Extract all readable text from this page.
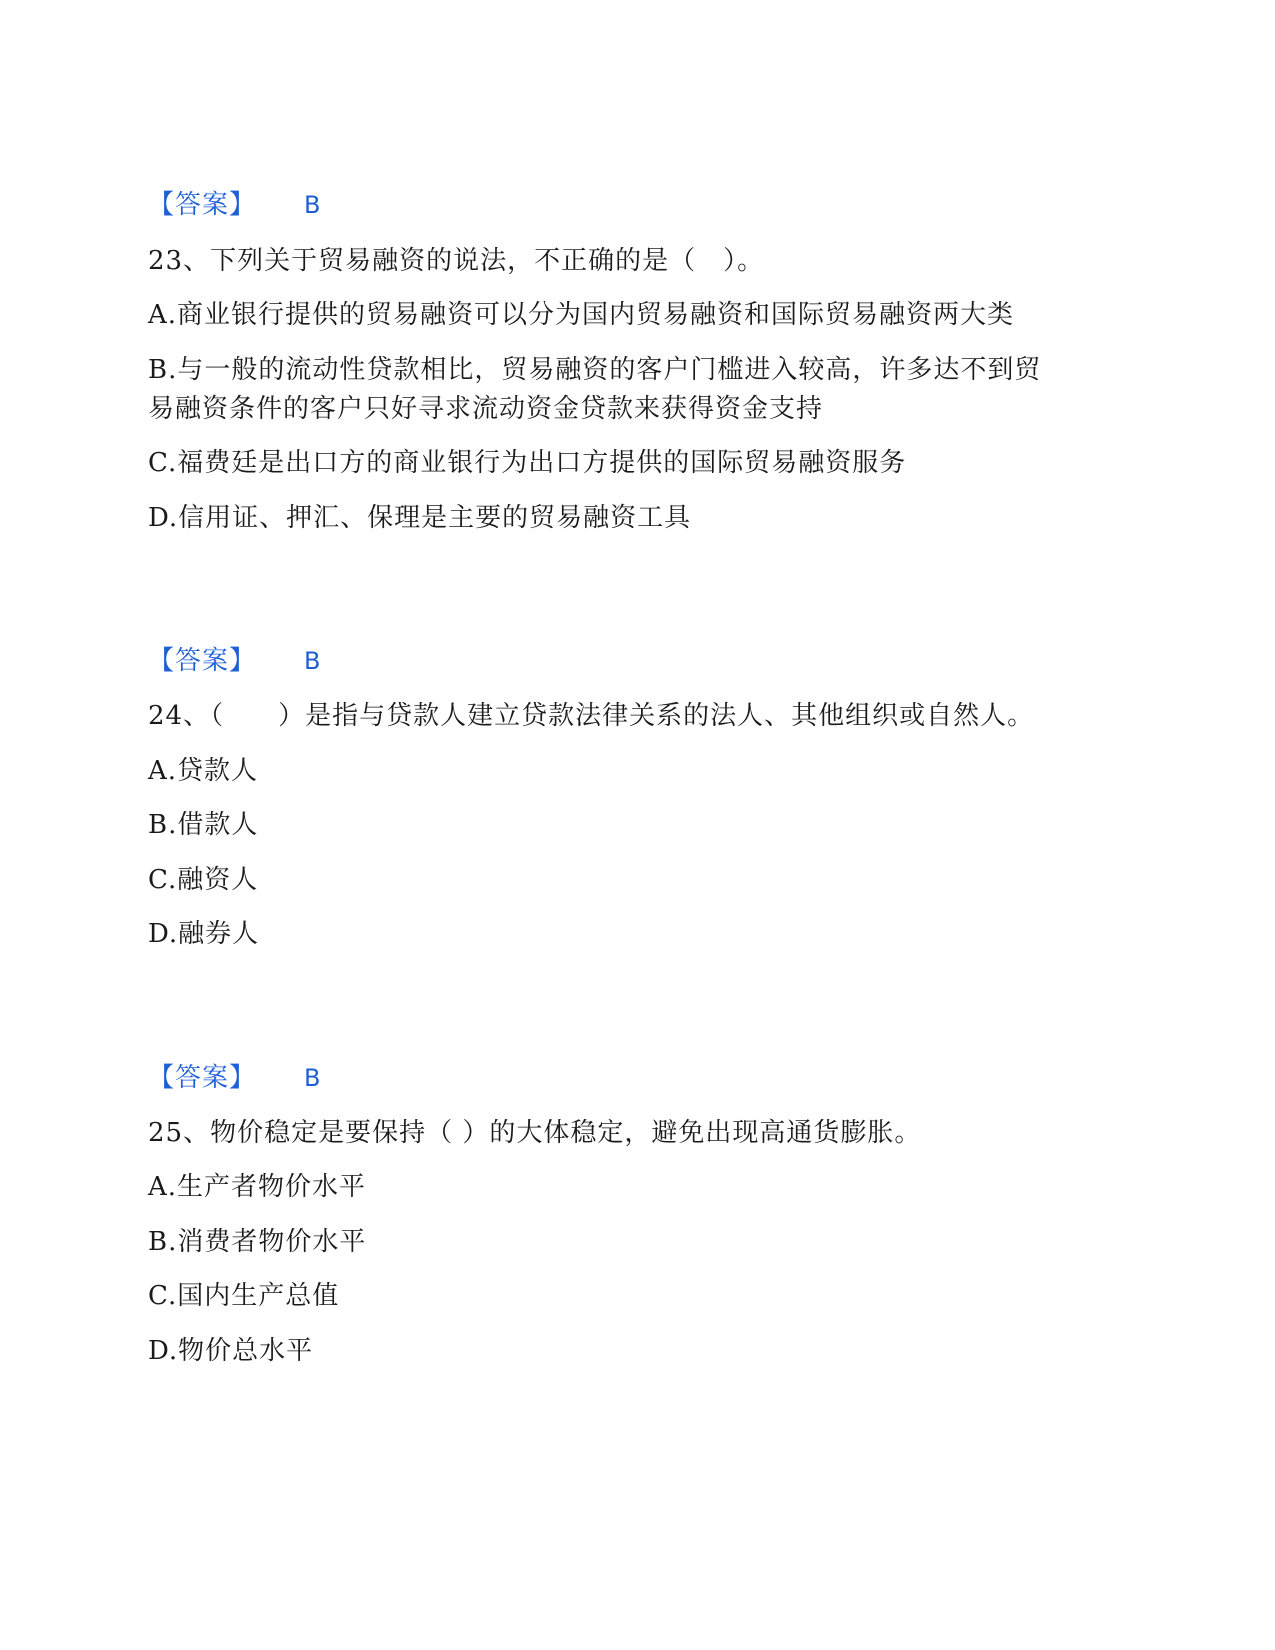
【答案】 B
23、下列关于贸易融资的说法，不正确的是（　）。
A.商业银行提供的贸易融资可以分为国内贸易融资和国际贸易融资两大类
B.与一般的流动性贷款相比，贸易融资的客户门槛进入较高，许多达不到贸
易融资条件的客户只好寻求流动资金贷款来获得资金支持
C.福费廷是出口方的商业银行为出口方提供的国际贸易融资服务
D.信用证、押汇、保理是主要的贸易融资工具
【答案】 B
24、（　　）是指与贷款人建立贷款法律关系的法人、其他组织或自然人。
A.贷款人
B.借款人
C.融资人
D.融券人
【答案】 B
25、物价稳定是要保持（ ）的大体稳定，避免出现高通货膨胀。
A.生产者物价水平
B.消费者物价水平
C.国内生产总值
D.物价总水平
